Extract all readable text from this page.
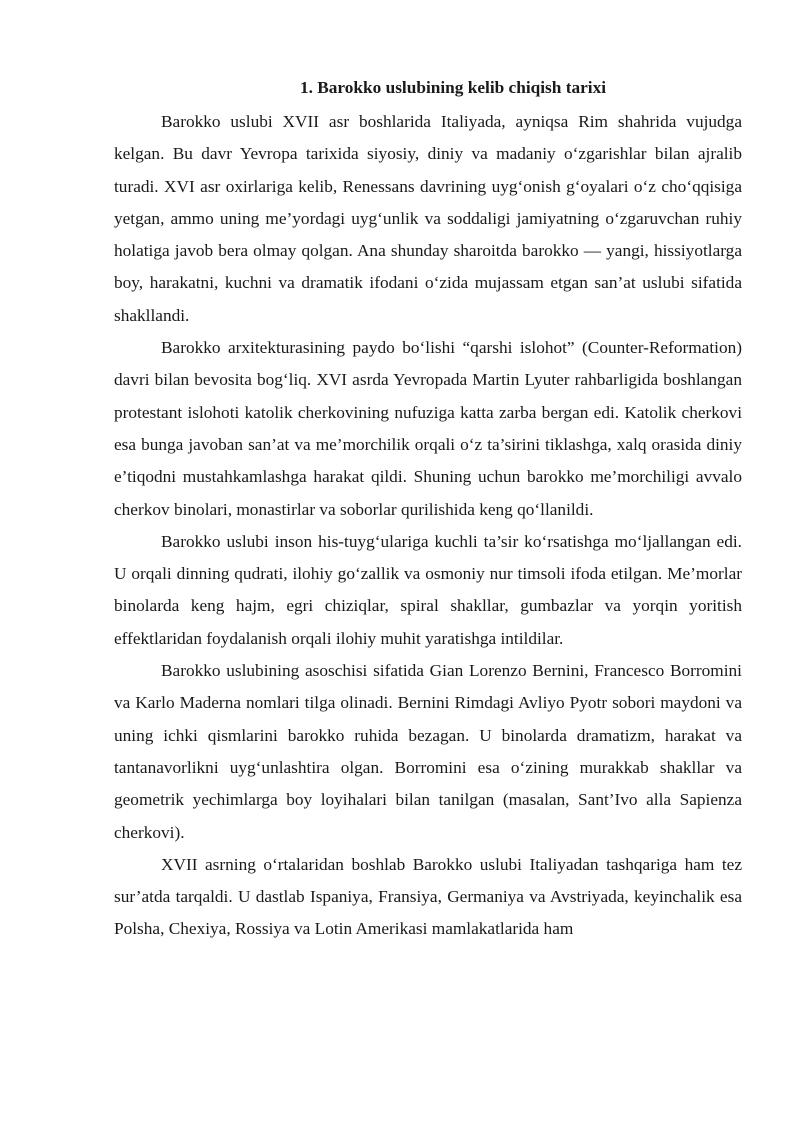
1. Barokko uslubining kelib chiqish tarixi

Barokko uslubi XVII asr boshlarida Italiyada, ayniqsa Rim shahrida vujudga kelgan. Bu davr Yevropa tarixida siyosiy, diniy va madaniy o‘zgarishlar bilan ajralib turadi. XVI asr oxirlariga kelib, Renessans davrining uyg‘onish g‘oyalari o‘z cho‘qqisiga yetgan, ammo uning me’yordagi uyg‘unlik va soddaligi jamiyatning o‘zgaruvchan ruhiy holatiga javob bera olmay qolgan. Ana shunday sharoitda barokko — yangi, hissiyotlarga boy, harakatni, kuchni va dramatik ifodani o‘zida mujassam etgan san’at uslubi sifatida shakllandi.

Barokko arxitekturasining paydo bo‘lishi “qarshi islohot” (Counter-Reformation) davri bilan bevosita bog‘liq. XVI asrda Yevropada Martin Lyuter rahbarligida boshlangan protestant islohoti katolik cherkovining nufuziga katta zarba bergan edi. Katolik cherkovi esa bunga javoban san’at va me’morchilik orqali o‘z ta’sirini tiklashga, xalq orasida diniy e’tiqodni mustahkamlashga harakat qildi. Shuning uchun barokko me’morchiligi avvalo cherkov binolari, monastirlar va soborlar qurilishida keng qo‘llanildi.

Barokko uslubi inson his-tuyg‘ulariga kuchli ta’sir ko‘rsatishga mo‘ljallangan edi. U orqali dinning qudrati, ilohiy go‘zallik va osmoniy nur timsoli ifoda etilgan. Me’morlar binolarda keng hajm, egri chiziqlar, spiral shakllar, gumbazlar va yorqin yoritish effektlaridan foydalanish orqali ilohiy muhit yaratishga intildilar.

Barokko uslubining asoschisi sifatida Gian Lorenzo Bernini, Francesco Borromini va Karlo Maderna nomlari tilga olinadi. Bernini Rimdagi Avliyo Pyotr sobori maydoni va uning ichki qismlarini barokko ruhida bezagan. U binolarda dramatizm, harakat va tantanavorlikni uyg‘unlashtira olgan. Borromini esa o‘zining murakkab shakllar va geometrik yechimlarga boy loyihalari bilan tanilgan (masalan, Sant’Ivo alla Sapienza cherkovi).

XVII asrning o‘rtalaridan boshlab Barokko uslubi Italiyadan tashqariga ham tez sur’atda tarqaldi. U dastlab Ispaniya, Fransiya, Germaniya va Avstriyada, keyinchalik esa Polsha, Chexiya, Rossiya va Lotin Amerikasi mamlakatlarida ham
